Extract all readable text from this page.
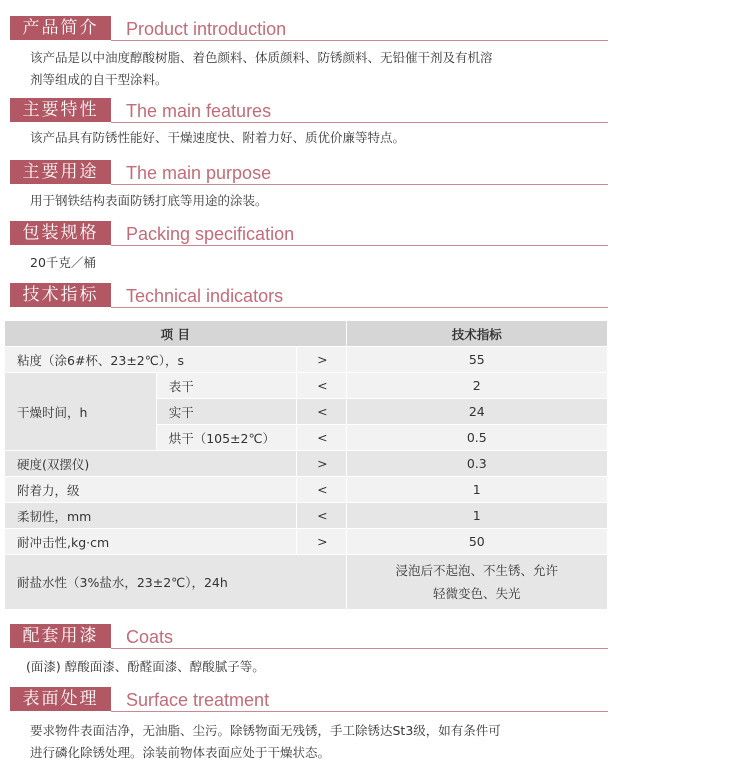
产品简介	Product introduction
该产品是以中油度醇酸树脂、着色颜料、体质颜料、防锈颜料、无铅催干剂及有机溶
剂等组成的自干型涂料。
主要特性	The main features
该产品具有防锈性能好、干燥速度快、附着力好、质优价廉等特点。
主要用途	The main purpose
用于钢铁结构表面防锈打底等用途的涂装。
包装规格	Packing specification
20千克／桶
技术指标	Technical indicators
项 目			技术指标
粘度（涂6#杯、23±2℃），s		>	55
干燥时间，h	表干	<	2
	实干	<	24
	烘干（105±2℃）	<	0.5
硬度(双摆仪)		>	0.3
附着力，级		<	1
柔韧性，mm		<	1
耐冲击性,kg·cm		>	50
耐盐水性（3%盐水，23±2℃），24h			浸泡后不起泡、不生锈、允许
轻微变色、失光
配套用漆	Coats
(面漆) 醇酸面漆、酚醛面漆、醇酸腻子等。
表面处理	Surface treatment
要求物件表面洁净，无油脂、尘污。除锈物面无残锈，手工除锈达St3级，如有条件可
进行磷化除锈处理。涂装前物体表面应处于干燥状态。
